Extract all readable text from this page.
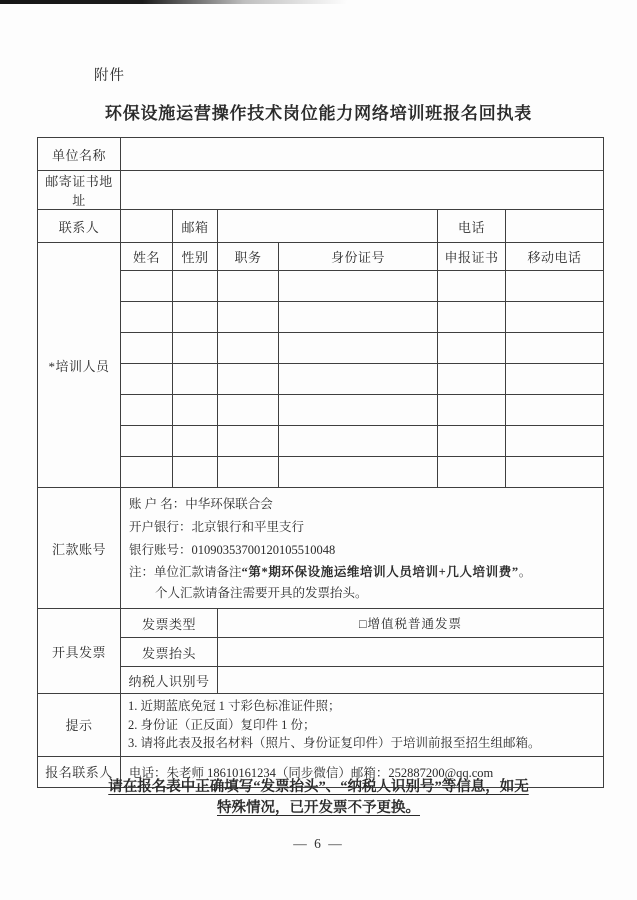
附件
环保设施运营操作技术岗位能力网络培训班报名回执表
单位名称						
邮寄证书地址						
联系人		邮箱			电话	
*培训人员	姓名	性别	职务	身份证号	申报证书	移动电话

汇款账号	账 户 名：中华环保联合会
开户银行：北京银行和平里支行
银行账号：01090353700120105510048
注：单位汇款请备注“第*期环保设施运维培训人员培训+几人培训费”。
个人汇款请备注需要开具的发票抬头。					

开具发票	发票类型		□增值税普通发票			
	发票抬头					
	纳税人识别号					
提示	1. 近期蓝底免冠 1 寸彩色标准证件照；
2. 身份证（正反面）复印件 1 份；
3. 请将此表及报名材料（照片、身份证复印件）于培训前报至招生组邮箱。					

报名联系人	电话：朱老师 18610161234（同步微信）邮箱：252887200@qq.com					
请在报名表中正确填写“发票抬头”、“纳税人识别号”等信息，如无
特殊情况，已开发票不予更换。
— 6 —
